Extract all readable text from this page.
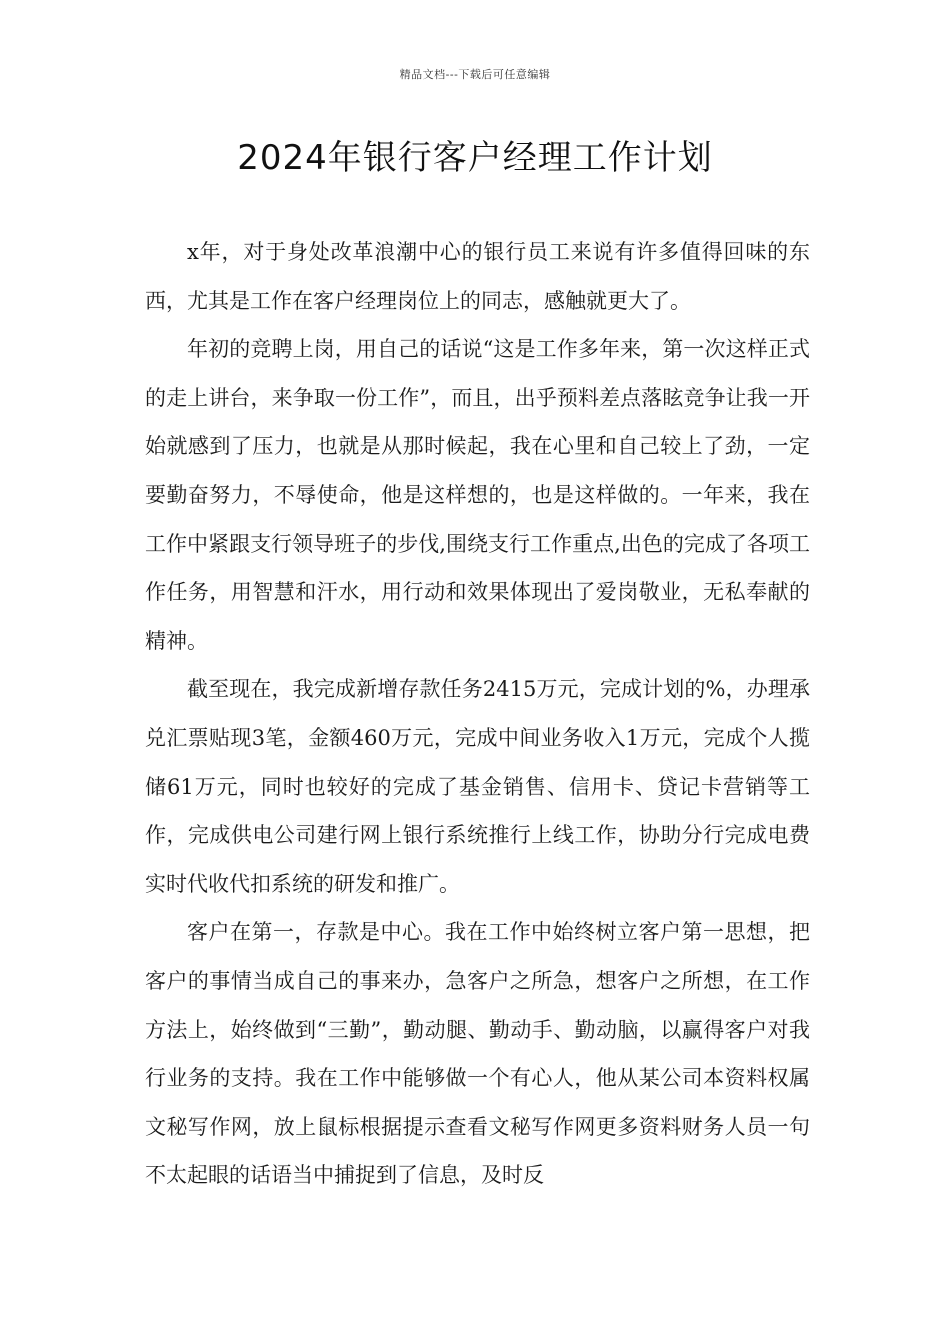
精品文档---下载后可任意编辑
2024年银行客户经理工作计划

x年，对于身处改革浪潮中心的银行员工来说有许多值得回味的东西，尤其是工作在客户经理岗位上的同志，感触就更大了。

年初的竞聘上岗，用自己的话说“这是工作多年来，第一次这样正式的走上讲台，来争取一份工作”，而且，出乎预料差点落眩竞争让我一开始就感到了压力，也就是从那时候起，我在心里和自己较上了劲，一定要勤奋努力，不辱使命，他是这样想的，也是这样做的。一年来，我在工作中紧跟支行领导班子的步伐,围绕支行工作重点,出色的完成了各项工作任务，用智慧和汗水，用行动和效果体现出了爱岗敬业，无私奉献的精神。

截至现在，我完成新增存款任务2415万元，完成计划的%，办理承兑汇票贴现3笔，金额460万元，完成中间业务收入1万元，完成个人揽储61万元，同时也较好的完成了基金销售、信用卡、贷记卡营销等工作，完成供电公司建行网上银行系统推行上线工作，协助分行完成电费实时代收代扣系统的研发和推广。

客户在第一，存款是中心。我在工作中始终树立客户第一思想，把客户的事情当成自己的事来办，急客户之所急，想客户之所想，在工作方法上，始终做到“三勤”，勤动腿、勤动手、勤动脑，以赢得客户对我行业务的支持。我在工作中能够做一个有心人，他从某公司本资料权属文秘写作网，放上鼠标根据提示查看文秘写作网更多资料财务人员一句不太起眼的话语当中捕捉到了信息，及时反
